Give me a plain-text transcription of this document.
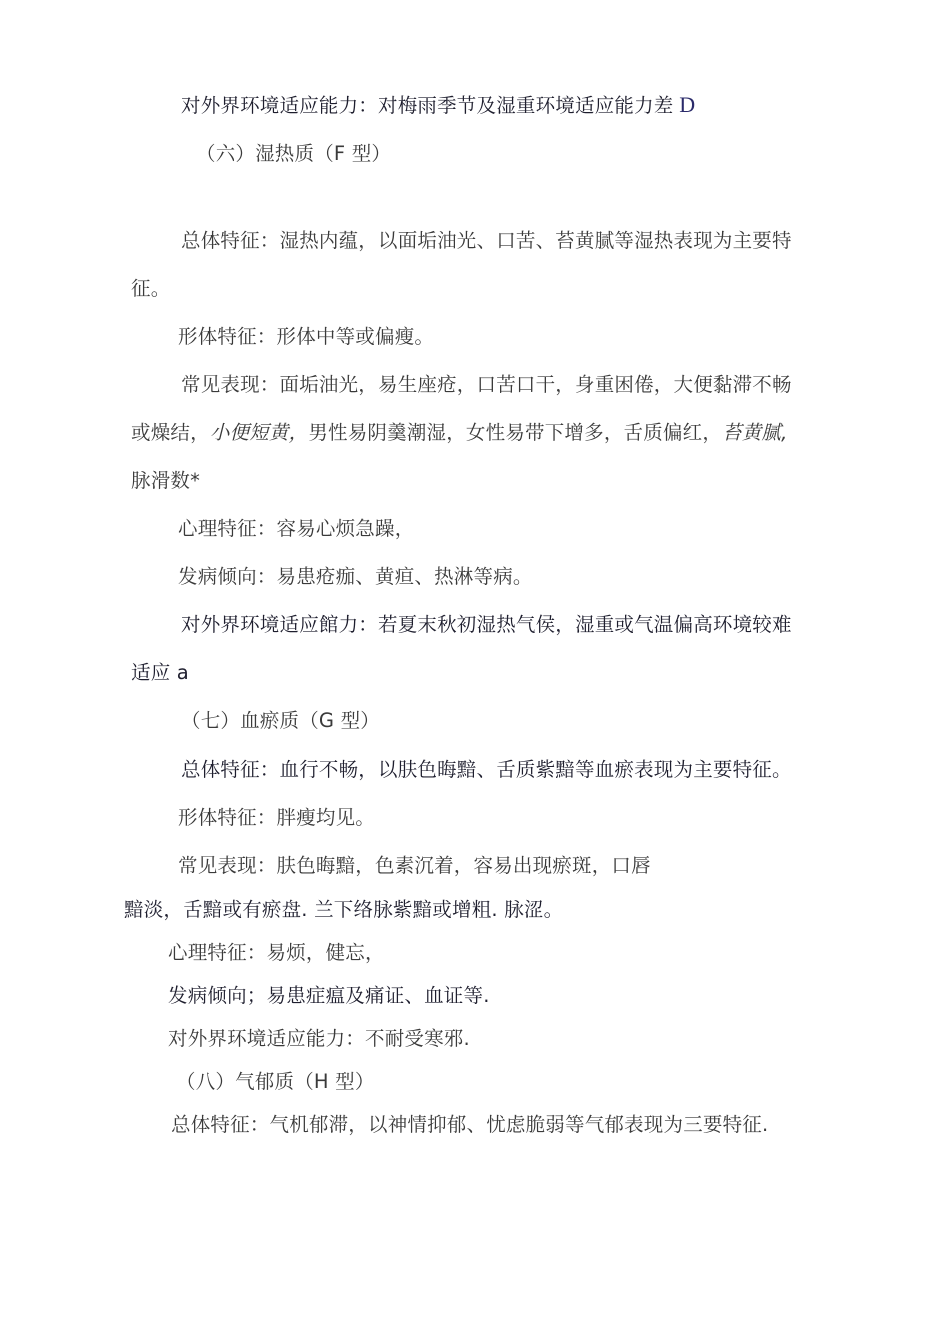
对外界环境适应能力：对梅雨季节及湿重环境适应能力差 D
（六）湿热质（F 型）
总体特征：湿热内蕴，以面垢油光、口苦、苔黄腻等湿热表现为主要特
征。
形体特征：形体中等或偏瘦。
常见表现：面垢油光，易生座疮，口苦口干，身重困倦，大便黏滞不畅
或燥结，小便短黄，男性易阴羹潮湿，女性易带下增多，舌质偏红，苔黄腻,
脉滑数*
心理特征：容易心烦急躁，
发病倾向：易患疮痂、黄疸、热淋等病。
对外界环境适应館力：若夏末秋初湿热气侯，湿重或气温偏高环境较难
适应 a
（七）血瘀质（G 型）
总体特征：血行不畅，以肤色晦黯、舌质紫黯等血瘀表现为主要特征。
形体特征：胖瘦均见。
常见表现：肤色晦黯，色素沉着，容易出现瘀斑，口唇
黯淡，舌黯或有瘀盘. 兰下络脉紫黯或增粗. 脉涩。
心理特征：易烦，健忘，
发病倾向；易患症瘟及痛证、血证等.
对外界环境适应能力：不耐受寒邪.
（八）气郁质（H 型）
总体特征：气机郁滞，以神情抑郁、忧虑脆弱等气郁表现为三要特征.
